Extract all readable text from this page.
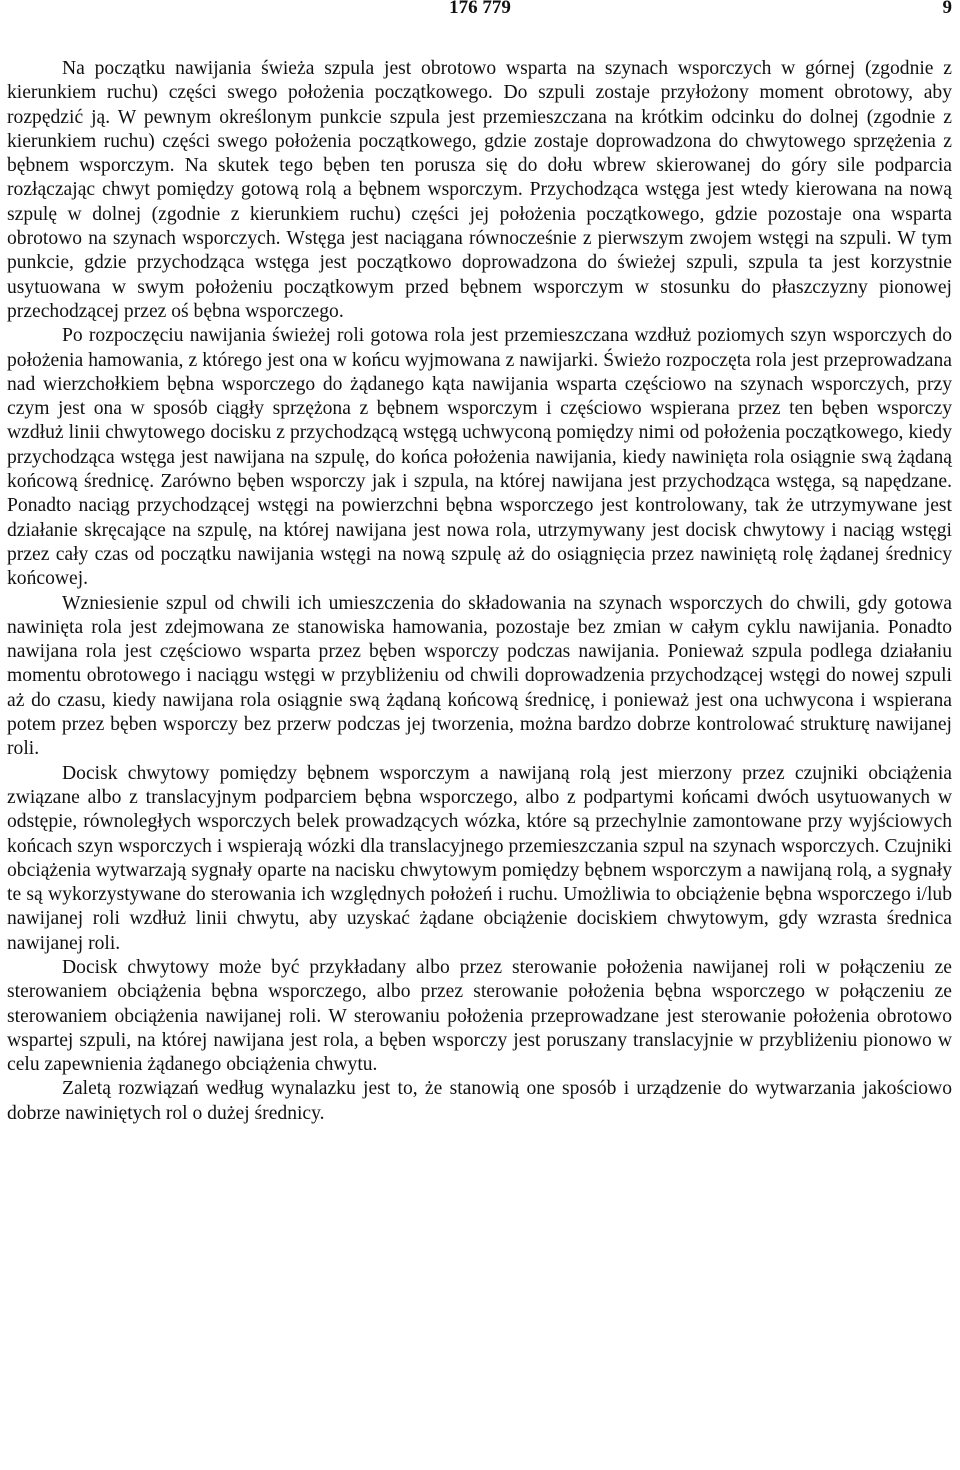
176 779	9

Na początku nawijania świeża szpula jest obrotowo wsparta na szynach wsporczych w górnej (zgodnie z kierunkiem ruchu) części swego położenia początkowego. Do szpuli zostaje przyłożony moment obrotowy, aby rozpędzić ją. W pewnym określonym punkcie szpula jest przemieszczana na krótkim odcinku do dolnej (zgodnie z kierunkiem ruchu) części swego położenia początkowego, gdzie zostaje doprowadzona do chwytowego sprzężenia z bębnem wsporczym. Na skutek tego bęben ten porusza się do dołu wbrew skierowanej do góry sile podparcia rozłączając chwyt pomiędzy gotową rolą a bębnem wsporczym. Przychodząca wstęga jest wtedy kierowana na nową szpulę w dolnej (zgodnie z kierunkiem ruchu) części jej położenia początkowego, gdzie pozostaje ona wsparta obrotowo na szynach wsporczych. Wstęga jest naciągana równocześnie z pierwszym zwojem wstęgi na szpuli. W tym punkcie, gdzie przychodząca wstęga jest początkowo doprowadzona do świeżej szpuli, szpula ta jest korzystnie usytuowana w swym położeniu początkowym przed bębnem wsporczym w stosunku do płaszczyzny pionowej przechodzącej przez oś bębna wsporczego.

Po rozpoczęciu nawijania świeżej roli gotowa rola jest przemieszczana wzdłuż poziomych szyn wsporczych do położenia hamowania, z którego jest ona w końcu wyjmowana z nawijarki. Świeżo rozpoczęta rola jest przeprowadzana nad wierzchołkiem bębna wsporczego do żądanego kąta nawijania wsparta częściowo na szynach wsporczych, przy czym jest ona w sposób ciągły sprzężona z bębnem wsporczym i częściowo wspierana przez ten bęben wsporczy wzdłuż linii chwytowego docisku z przychodzącą wstęgą uchwyconą pomiędzy nimi od położenia początkowego, kiedy przychodząca wstęga jest nawijana na szpulę, do końca położenia nawijania, kiedy nawinięta rola osiągnie swą żądaną końcową średnicę. Zarówno bęben wsporczy jak i szpula, na której nawijana jest przychodząca wstęga, są napędzane. Ponadto naciąg przychodzącej wstęgi na powierzchni bębna wsporczego jest kontrolowany, tak że utrzymywane jest działanie skręcające na szpulę, na której nawijana jest nowa rola, utrzymywany jest docisk chwytowy i naciąg wstęgi przez cały czas od początku nawijania wstęgi na nową szpulę aż do osiągnięcia przez nawiniętą rolę żądanej średnicy końcowej.

Wzniesienie szpul od chwili ich umieszczenia do składowania na szynach wsporczych do chwili, gdy gotowa nawinięta rola jest zdejmowana ze stanowiska hamowania, pozostaje bez zmian w całym cyklu nawijania. Ponadto nawijana rola jest częściowo wsparta przez bęben wsporczy podczas nawijania. Ponieważ szpula podlega działaniu momentu obrotowego i naciągu wstęgi w przybliżeniu od chwili doprowadzenia przychodzącej wstęgi do nowej szpuli aż do czasu, kiedy nawijana rola osiągnie swą żądaną końcową średnicę, i ponieważ jest ona uchwycona i wspierana potem przez bęben wsporczy bez przerw podczas jej tworzenia, można bardzo dobrze kontrolować strukturę nawijanej roli.

Docisk chwytowy pomiędzy bębnem wsporczym a nawijaną rolą jest mierzony przez czujniki obciążenia związane albo z translacyjnym podparciem bębna wsporczego, albo z podpartymi końcami dwóch usytuowanych w odstępie, równoległych wsporczych belek prowadzących wózka, które są przechylnie zamontowane przy wyjściowych końcach szyn wsporczych i wspierają wózki dla translacyjnego przemieszczania szpul na szynach wsporczych. Czujniki obciążenia wytwarzają sygnały oparte na nacisku chwytowym pomiędzy bębnem wsporczym a nawijaną rolą, a sygnały te są wykorzystywane do sterowania ich względnych położeń i ruchu. Umożliwia to obciążenie bębna wsporczego i/lub nawijanej roli wzdłuż linii chwytu, aby uzyskać żądane obciążenie dociskiem chwytowym, gdy wzrasta średnica nawijanej roli.

Docisk chwytowy może być przykładany albo przez sterowanie położenia nawijanej roli w połączeniu ze sterowaniem obciążenia bębna wsporczego, albo przez sterowanie położenia bębna wsporczego w połączeniu ze sterowaniem obciążenia nawijanej roli. W sterowaniu położenia przeprowadzane jest sterowanie położenia obrotowo wspartej szpuli, na której nawijana jest rola, a bęben wsporczy jest poruszany translacyjnie w przybliżeniu pionowo w celu zapewnienia żądanego obciążenia chwytu.

Zaletą rozwiązań według wynalazku jest to, że stanowią one sposób i urządzenie do wytwarzania jakościowo dobrze nawiniętych rol o dużej średnicy.
